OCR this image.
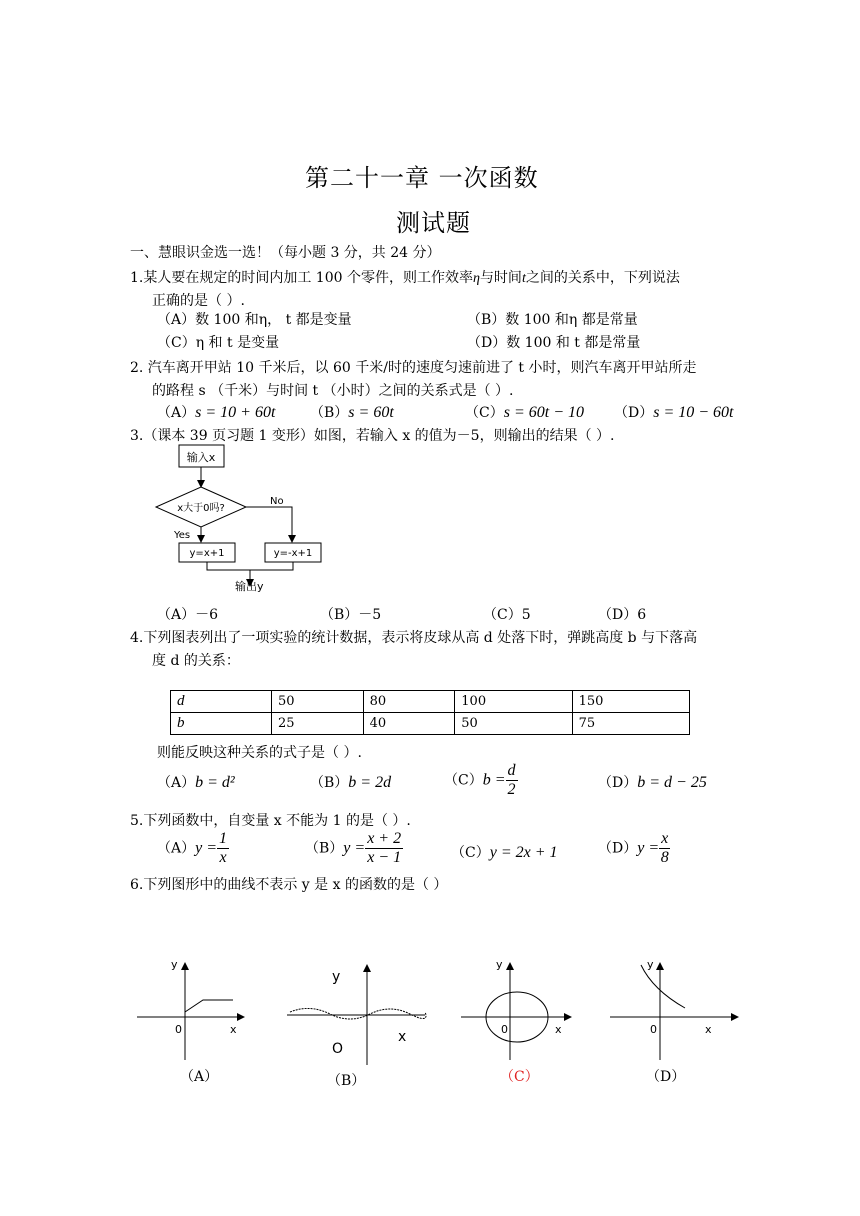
第二十一章 一次函数
测试题
一、慧眼识金选一选！（每小题 3 分，共 24 分）
1.某人要在规定的时间内加工 100 个零件，则工作效率η与时间t之间的关系中，下列说法
正确的是（ ）.
（A）数 100 和η， t 都是变量	（B）数 100 和η 都是常量
（C）η 和 t 是变量	（D）数 100 和 t 都是常量
2. 汽车离开甲站 10 千米后，以 60 千米/时的速度匀速前进了 t 小时，则汽车离开甲站所走
的路程 s （千米）与时间 t （小时）之间的关系式是（ ）.
（A）s = 10 + 60t （B）s = 60t	（C）s = 60t − 10 （D）s = 10 − 60t
3.（课本 39 页习题 1 变形）如图，若输入 x 的值为－5，则输出的结果（ ）.
输入x
x大于0吗?
No
Yes
y=x+1	y=-x+1
输出y
（A）－6	（B）－5	（C）5	（D）6
4.下列图表列出了一项实验的统计数据，表示将皮球从高 d 处落下时，弹跳高度 b 与下落高
度 d 的关系：
d	50	80	100	150
b	25	40	50	75
则能反映这种关系的式子是（ ）.
（A）b = d²	（B）b = 2d	$(C)b = \frac{d}{2}$	（D）b = d − 25
5.下列函数中，自变量 x 不能为 1 的是（ ）.
$(A)y = \frac{1}{x}$	$(B)y = \frac{x + 2}{x - 1}$	（C）y = 2x + 1	$(D)y = \frac{x}{8}$
6.下列图形中的曲线不表示 y 是 x 的函数的是（ ）
y
x
0
y
x
O
y
x
0
y
x
0
（A）	（B）	（C）	（D）
